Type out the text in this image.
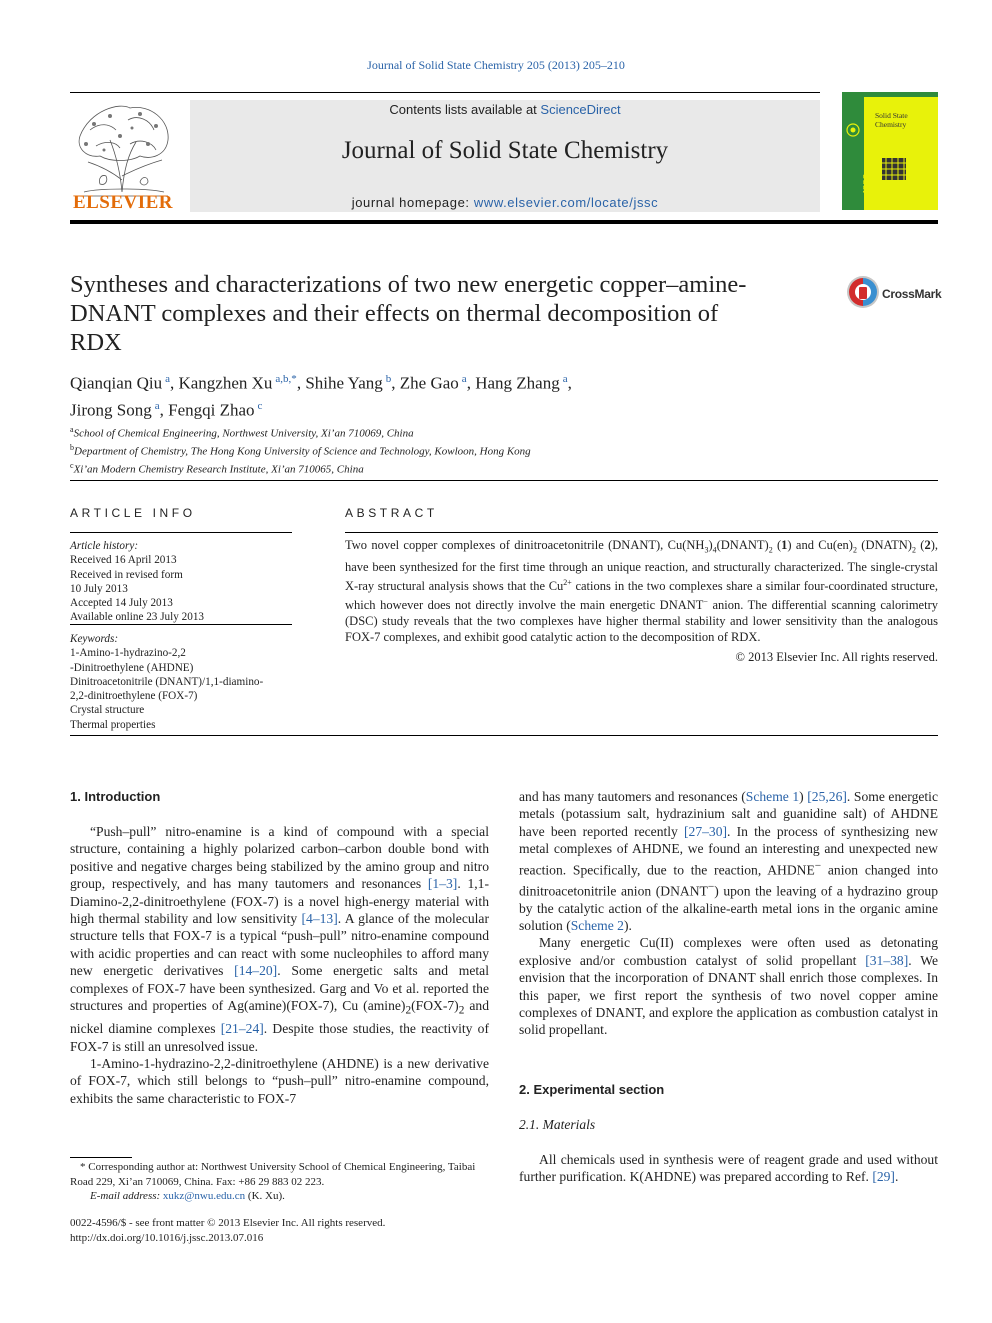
Journal of Solid State Chemistry 205 (2013) 205–210
ELSEVIER
Contents lists available at ScienceDirect
Journal of Solid State Chemistry
journal homepage: www.elsevier.com/locate/jssc
Solid State
Chemistry
JSSC
Syntheses and characterizations of two new energetic copper–amine-DNANT complexes and their effects on thermal decomposition of RDX
CrossMark
Qianqian Qiu $^a$, Kangzhen Xu $^{a,b,*}$, Shihe Yang $^b$, Zhe Gao $^a$, Hang Zhang $^a$,
Jirong Song $^a$, Fengqi Zhao $^c$
$^a$School of Chemical Engineering, Northwest University, Xi’an 710069, China
$^b$Department of Chemistry, The Hong Kong University of Science and Technology, Kowloon, Hong Kong
$^c$Xi’an Modern Chemistry Research Institute, Xi’an 710065, China
ARTICLE INFO
Article history:
Received 16 April 2013
Received in revised form
10 July 2013
Accepted 14 July 2013
Available online 23 July 2013
Keywords:
1-Amino-1-hydrazino-2,2
-Dinitroethylene (AHDNE)
Dinitroacetonitrile (DNANT)/1,1-diamino-
2,2-dinitroethylene (FOX-7)
Crystal structure
Thermal properties
ABSTRACT
Two novel copper complexes of dinitroacetonitrile (DNANT), $Cu(NH_3)_4(DNANT)_2$ (1) and $Cu(en)_2$ $(DNATN)_2$ (2), have been synthesized for the first time through an unique reaction, and structurally characterized. The single-crystal X-ray structural analysis shows that the $Cu^{2+}$ cations in the two complexes share a similar four-coordinated structure, which however does not directly involve the main energetic DNANT− anion. The differential scanning calorimetry (DSC) study reveals that the two complexes have higher thermal stability and lower sensitivity than the analogous FOX-7 complexes, and exhibit good catalytic action to the decomposition of RDX.
© 2013 Elsevier Inc. All rights reserved.
1. Introduction

“Push–pull” nitro-enamine is a kind of compound with a special structure, containing a highly polarized carbon–carbon double bond with positive and negative charges being stabilized by the amino group and nitro group, respectively, and has many tautomers and resonances [1–3]. 1,1-Diamino-2,2-dinitroethylene (FOX-7) is a novel high-energy material with high thermal stability and low sensitivity [4–13]. A glance of the molecular structure tells that FOX-7 is a typical “push–pull” nitro-enamine compound with acidic properties and can react with some nucleophiles to afford many new energetic derivatives [14–20]. Some energetic salts and metal complexes of FOX-7 have been synthesized. Garg and Vo et al. reported the structures and properties of Ag(amine)(FOX-7), Cu $(amine)_2(FOX-7)_2$ and nickel diamine complexes [21–24]. Despite those studies, the reactivity of FOX-7 is still an unresolved issue.

1-Amino-1-hydrazino-2,2-dinitroethylene (AHDNE) is a new derivative of FOX-7, which still belongs to “push–pull” nitro-enamine compound, exhibits the same characteristic to FOX-7

* Corresponding author at: Northwest University School of Chemical Engineering, Taibai Road 229, Xi’an 710069, China. Fax: +86 29 883 02 223.
E-mail address: xukz@nwu.edu.cn (K. Xu).
0022-4596/$ - see front matter © 2013 Elsevier Inc. All rights reserved.
http://dx.doi.org/10.1016/j.jssc.2013.07.016

and has many tautomers and resonances (Scheme 1) [25,26]. Some energetic metals (potassium salt, hydrazinium salt and guanidine salt) of AHDNE have been reported recently [27–30]. In the process of synthesizing new metal complexes of AHDNE, we found an interesting and unexpected new reaction. Specifically, due to the reaction, AHDNE− anion changed into dinitroacetonitrile anion (DNANT−) upon the leaving of a hydrazino group by the catalytic action of the alkaline-earth metal ions in the organic amine solution (Scheme 2).

Many energetic Cu(II) complexes were often used as detonating explosive and/or combustion catalyst of solid propellant [31–38]. We envision that the incorporation of DNANT shall enrich those complexes. In this paper, we first report the synthesis of two novel copper amine complexes of DNANT, and explore the application as combustion catalyst in solid propellant.

2. Experimental section
2.1. Materials

All chemicals used in synthesis were of reagent grade and used without further purification. K(AHDNE) was prepared according to Ref. [29].
